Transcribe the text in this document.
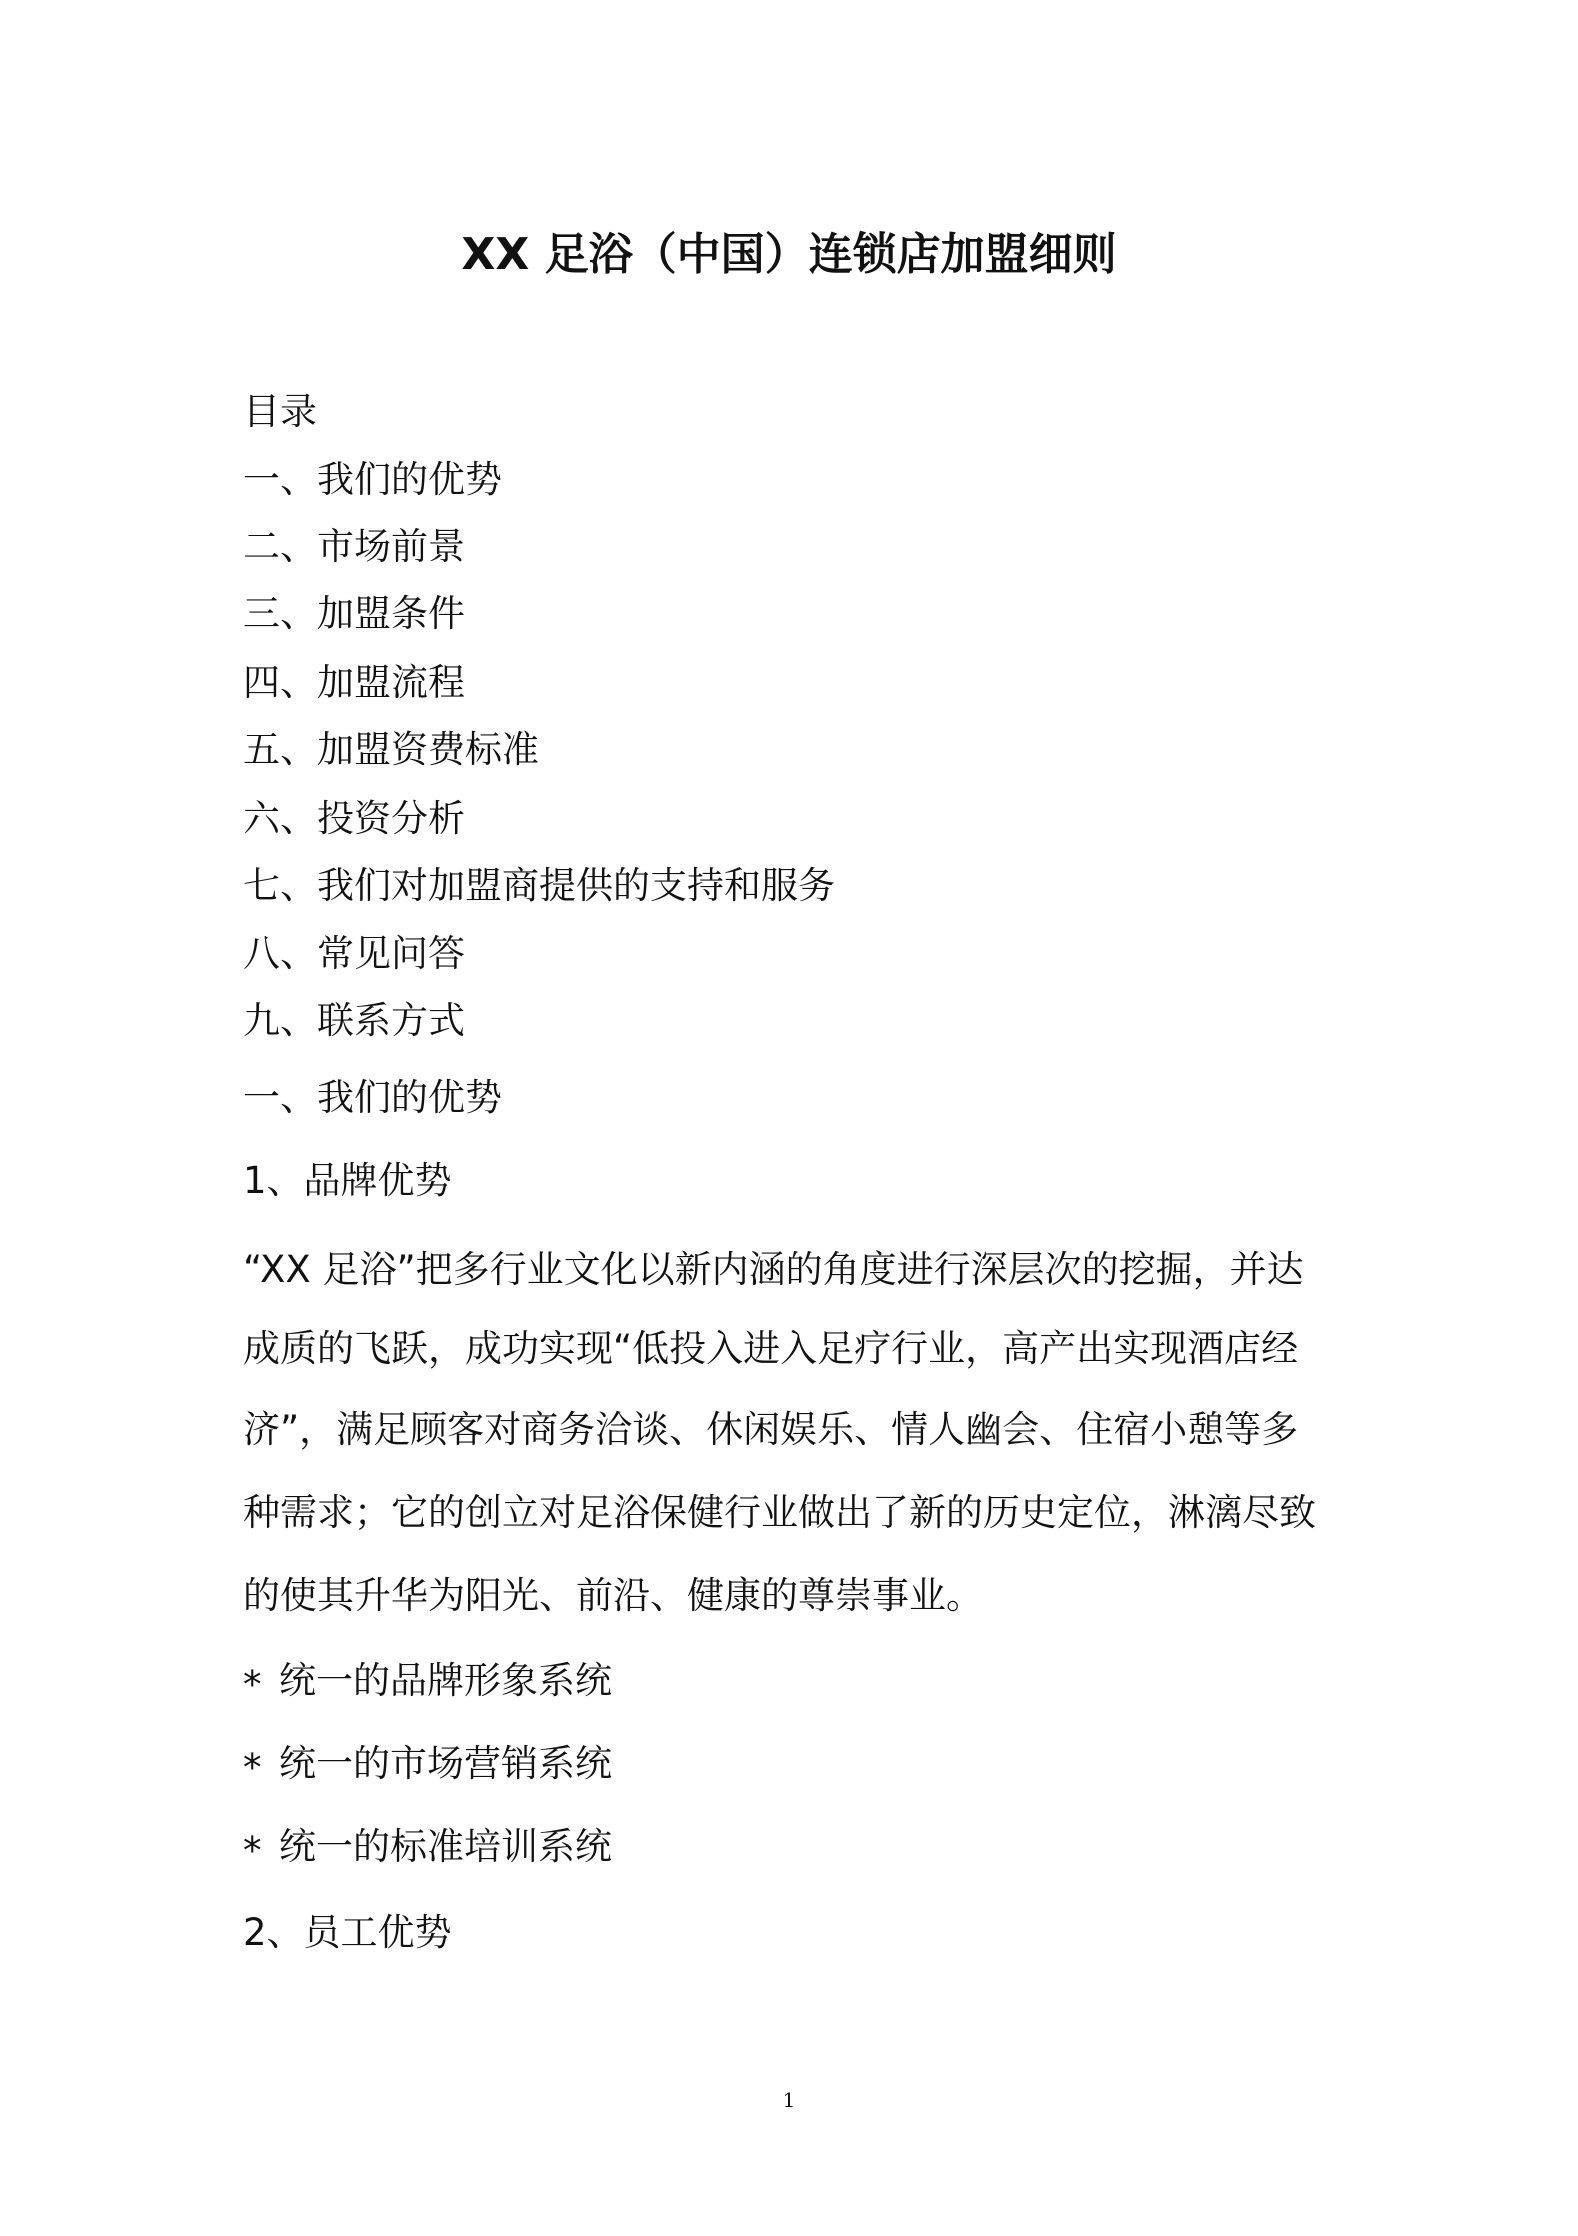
XX 足浴（中国）连锁店加盟细则
目录
一、我们的优势
二、市场前景
三、加盟条件
四、加盟流程
五、加盟资费标准
六、投资分析
七、我们对加盟商提供的支持和服务
八、常见问答
九、联系方式
一、我们的优势
1、品牌优势
“XX 足浴”把多行业文化以新内涵的角度进行深层次的挖掘，并达
成质的飞跃，成功实现“低投入进入足疗行业，高产出实现酒店经
济”，满足顾客对商务洽谈、休闲娱乐、情人幽会、住宿小憩等多
种需求；它的创立对足浴保健行业做出了新的历史定位，淋漓尽致
的使其升华为阳光、前沿、健康的尊崇事业。
* 统一的品牌形象系统
* 统一的市场营销系统
* 统一的标准培训系统
2、员工优势
1
